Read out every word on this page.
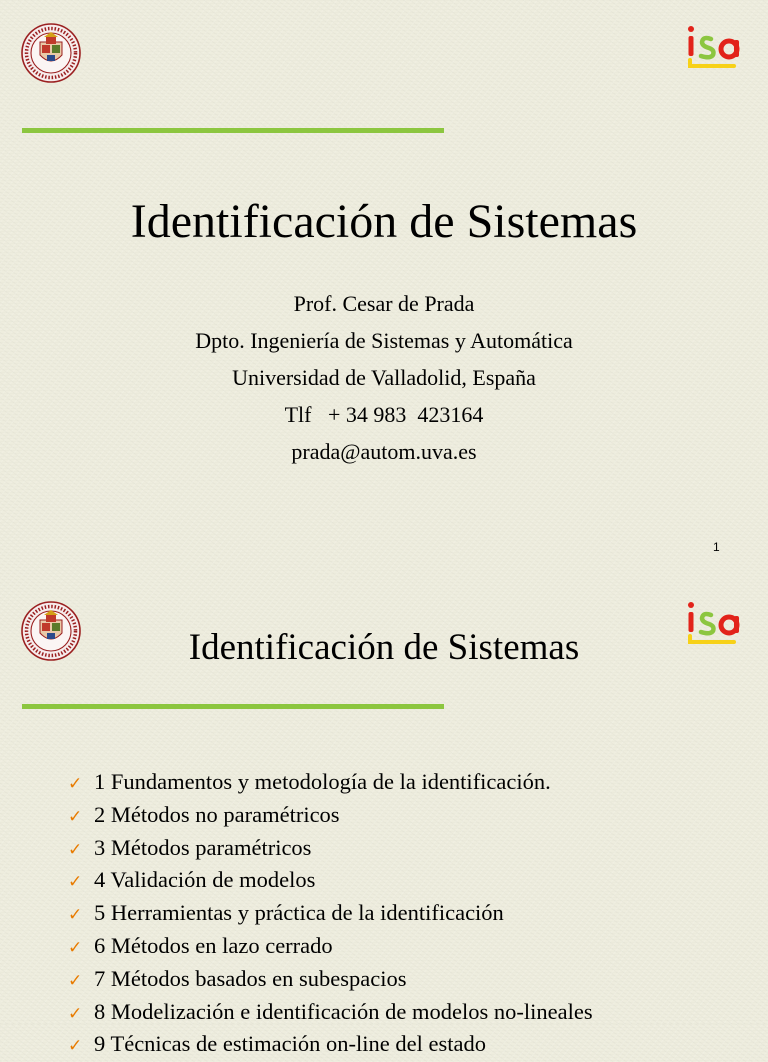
Identificación de Sistemas
Prof. Cesar de Prada
Dpto. Ingeniería de Sistemas y Automática
Universidad de Valladolid, España
Tlf   + 34 983  423164
prada@autom.uva.es
1
Identificación de Sistemas
✓ 1 Fundamentos y metodología de la identificación.
✓ 2 Métodos no paramétricos
✓ 3 Métodos paramétricos
✓ 4 Validación de modelos
✓ 5 Herramientas y práctica de la identificación
✓ 6 Métodos en lazo cerrado
✓ 7 Métodos basados en subespacios
✓ 8 Modelización e identificación de modelos no-lineales
✓ 9 Técnicas de estimación on-line del estado
